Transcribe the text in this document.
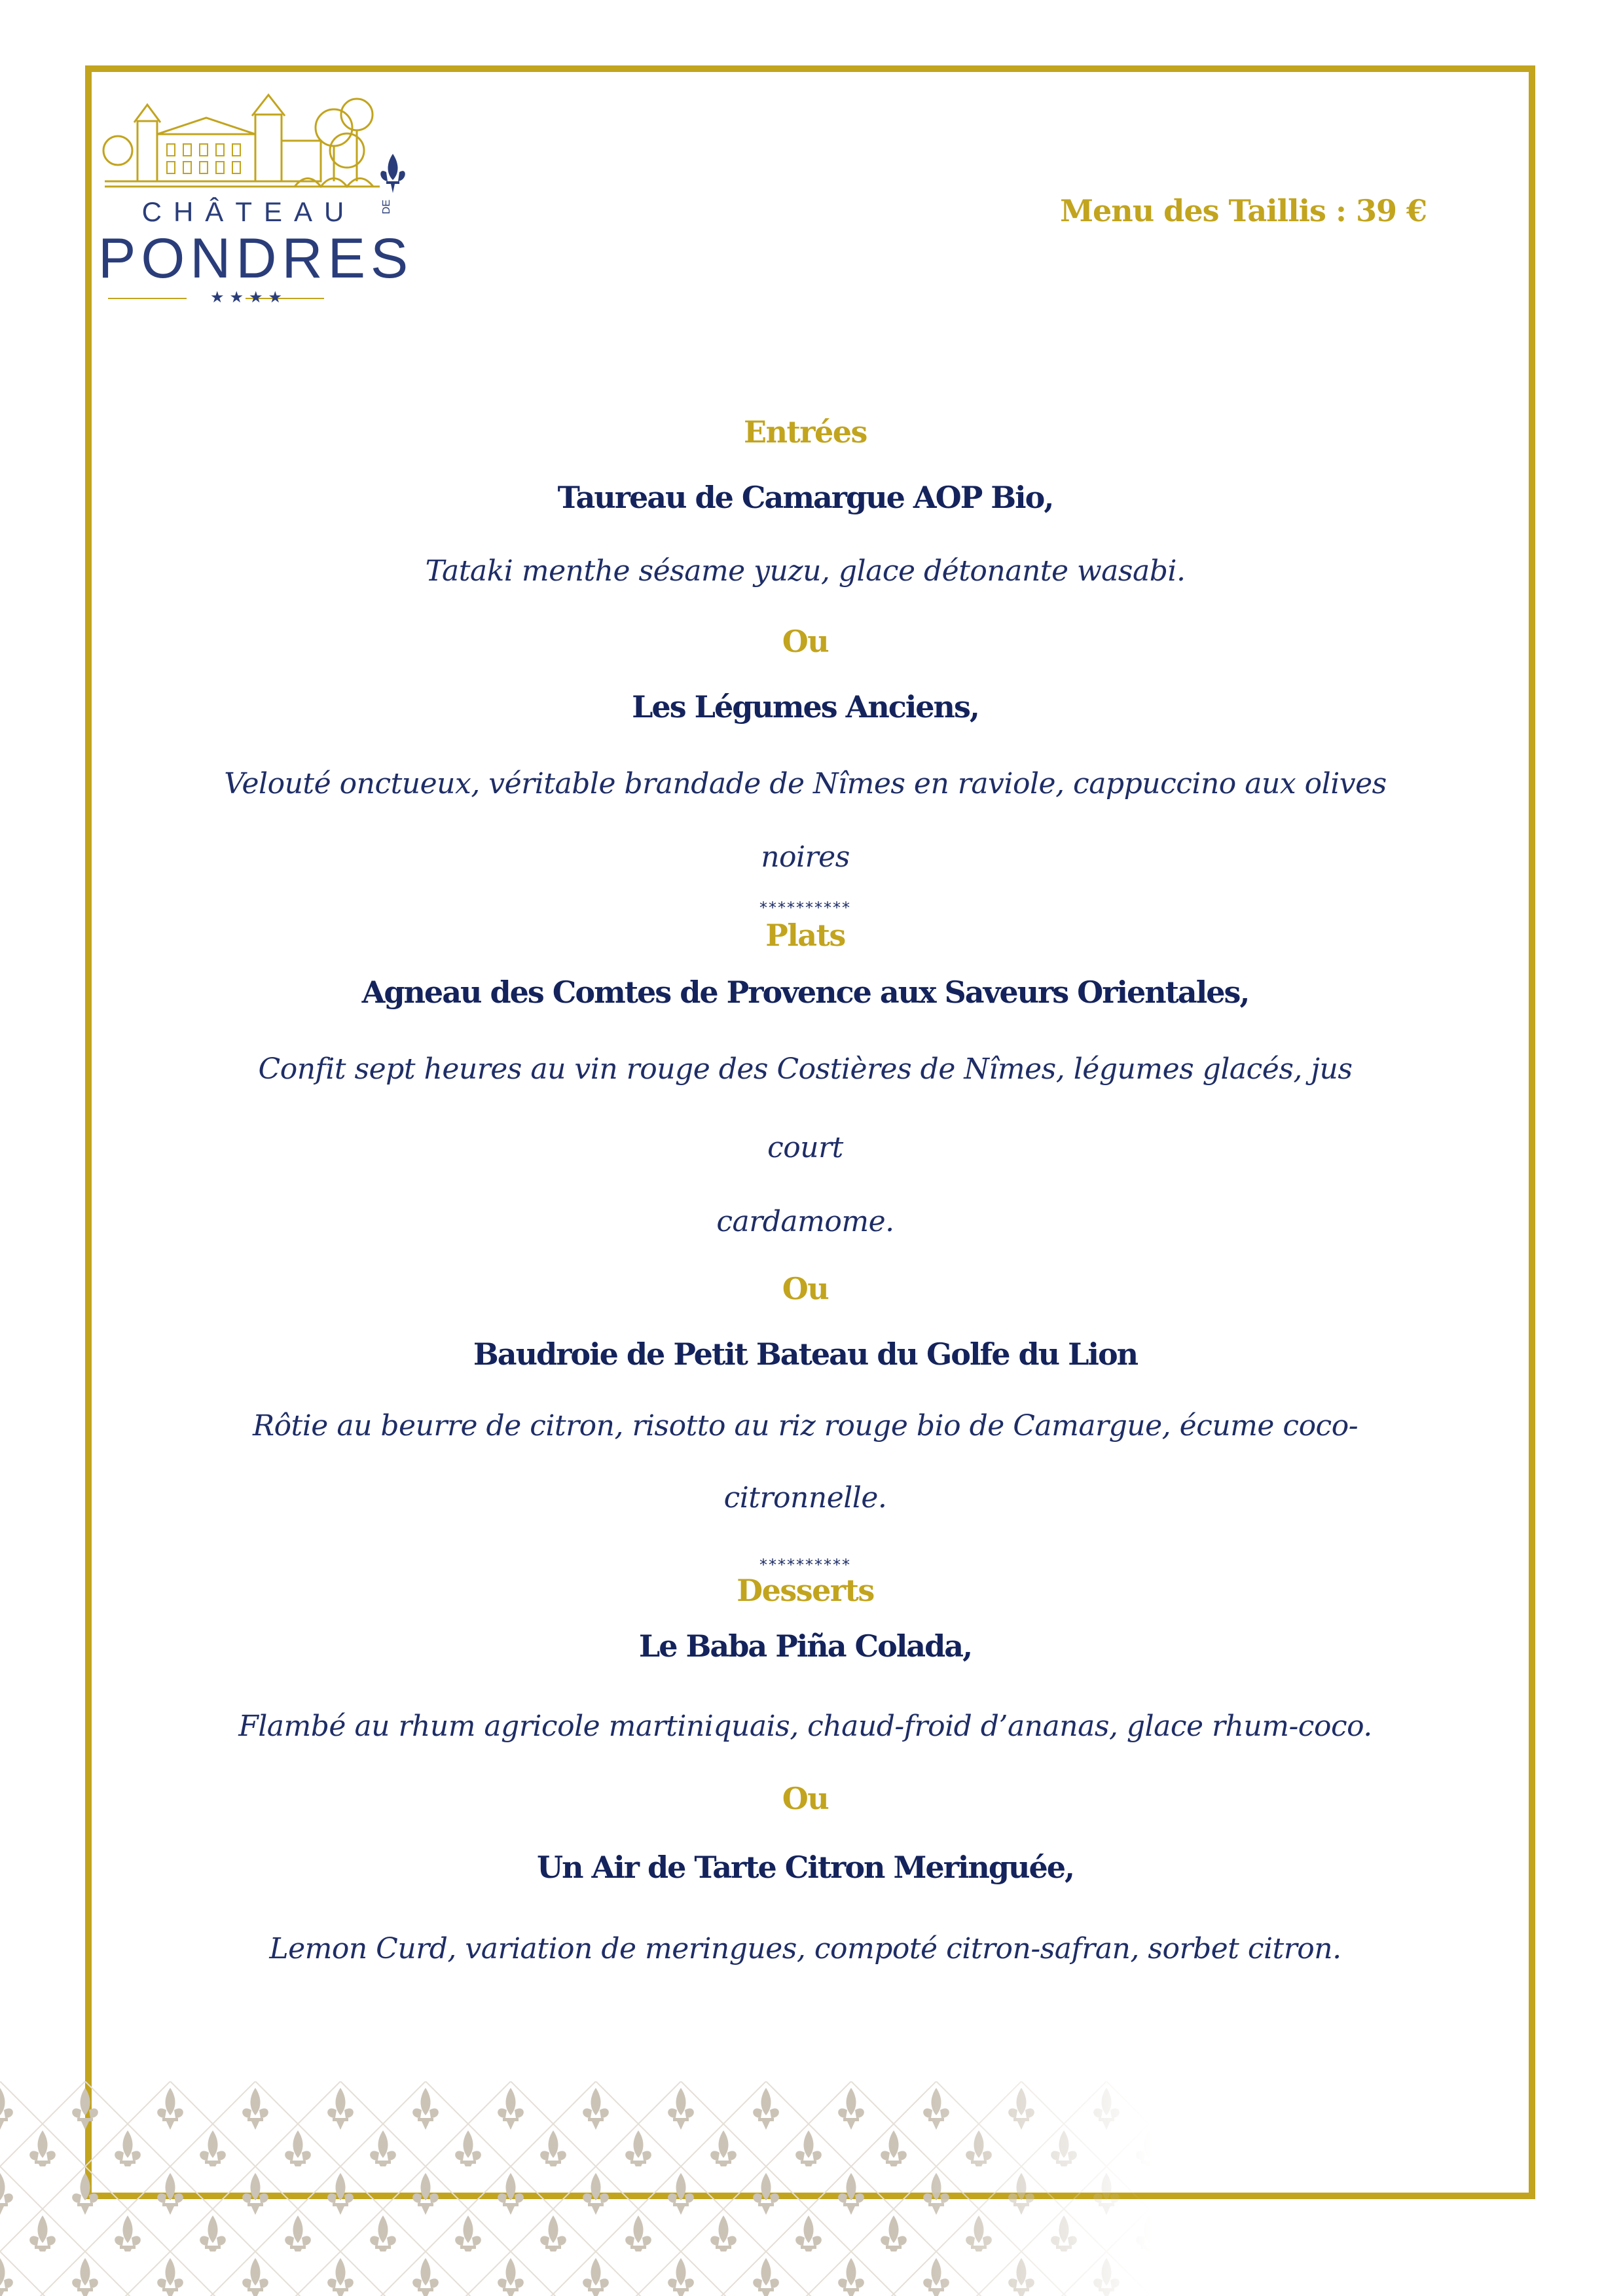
CHÂTEAU	DE
PONDRES
★★★★
Menu des Taillis : 39 €
Entrées
Taureau de Camargue AOP Bio,
Tataki menthe sésame yuzu, glace détonante wasabi.
Ou
Les Légumes Anciens,
Velouté onctueux, véritable brandade de Nîmes en raviole, cappuccino aux olives
noires
**********
Plats
Agneau des Comtes de Provence aux Saveurs Orientales,
Confit sept heures au vin rouge des Costières de Nîmes, légumes glacés, jus court
cardamome.
Ou
Baudroie de Petit Bateau du Golfe du Lion
Rôtie au beurre de citron, risotto au riz rouge bio de Camargue, écume coco-
citronnelle.
**********
Desserts
Le Baba Piña Colada,
Flambé au rhum agricole martiniquais, chaud-froid d’ananas, glace rhum-coco.
Ou
Un Air de Tarte Citron Meringuée,
Lemon Curd, variation de meringues, compoté citron-safran, sorbet citron.
